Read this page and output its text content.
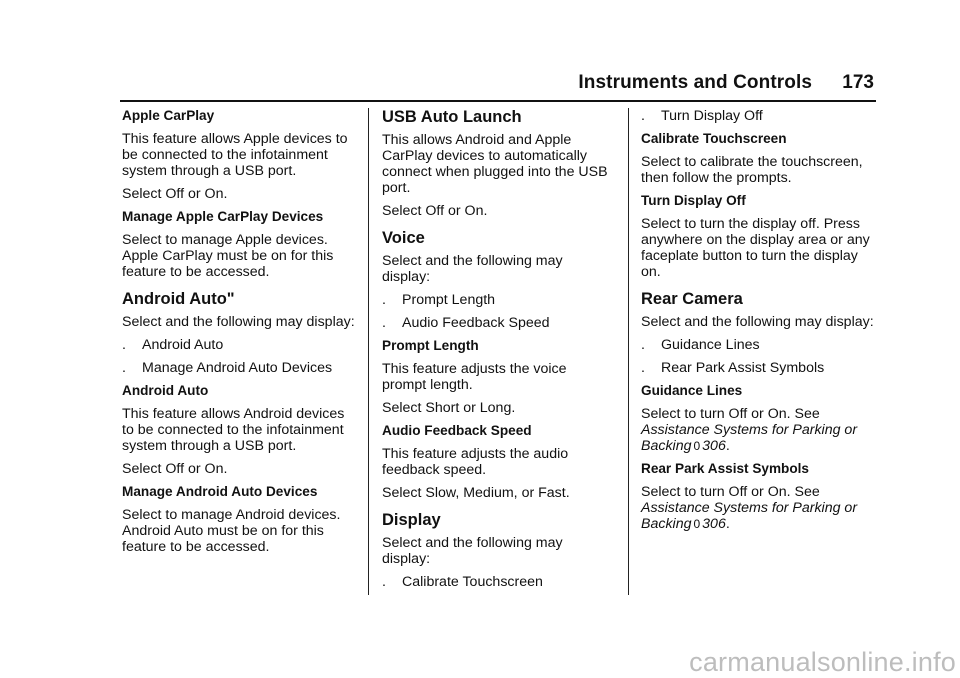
Instruments and Controls 173

Apple CarPlay

This feature allows Apple devices to be connected to the infotainment system through a USB port.

Select Off or On.

Manage Apple CarPlay Devices

Select to manage Apple devices. Apple CarPlay must be on for this feature to be accessed.

Android Auto"

Select and the following may display:

. Android Auto

. Manage Android Auto Devices

Android Auto

This feature allows Android devices to be connected to the infotainment system through a USB port.

Select Off or On.

Manage Android Auto Devices

Select to manage Android devices. Android Auto must be on for this feature to be accessed.

USB Auto Launch

This allows Android and Apple CarPlay devices to automatically connect when plugged into the USB port.

Select Off or On.

Voice

Select and the following may display:

. Prompt Length

. Audio Feedback Speed

Prompt Length

This feature adjusts the voice prompt length.

Select Short or Long.

Audio Feedback Speed

This feature adjusts the audio feedback speed.

Select Slow, Medium, or Fast.

Display

Select and the following may display:

. Calibrate Touchscreen

. Turn Display Off

Calibrate Touchscreen

Select to calibrate the touchscreen, then follow the prompts.

Turn Display Off

Select to turn the display off. Press anywhere on the display area or any faceplate button to turn the display on.

Rear Camera

Select and the following may display:

. Guidance Lines

. Rear Park Assist Symbols

Guidance Lines

Select to turn Off or On. See
Assistance Systems for Parking or Backing 0 306.

Rear Park Assist Symbols

Select to turn Off or On. See
Assistance Systems for Parking or Backing 0 306.

carmanualsonline.info
